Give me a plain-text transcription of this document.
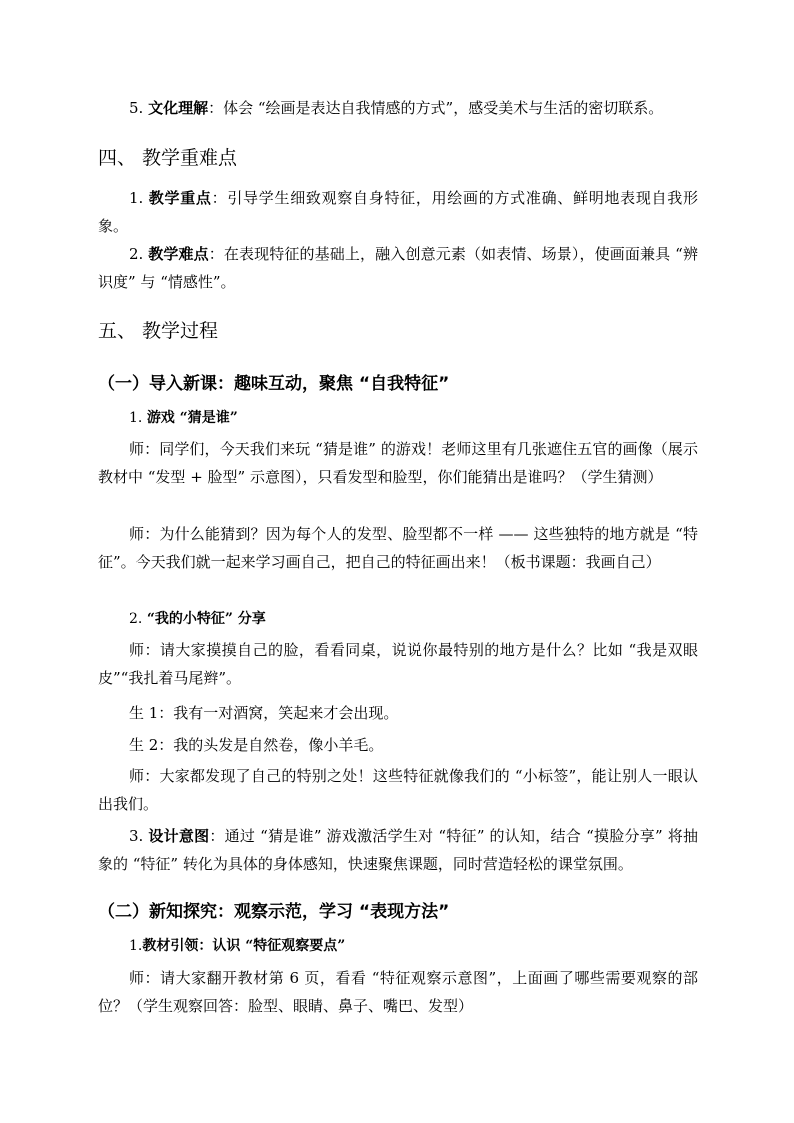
5. 文化理解：体会 “绘画是表达自我情感的方式”，感受美术与生活的密切联系。

四、 教学重难点

1. 教学重点：引导学生细致观察自身特征，用绘画的方式准确、鲜明地表现自我形象。

2. 教学难点：在表现特征的基础上，融入创意元素（如表情、场景），使画面兼具 “辨识度” 与 “情感性”。

五、 教学过程
（一）导入新课：趣味互动，聚焦 “自我特征”

1. 游戏 “猜是谁”

师：同学们，今天我们来玩 “猜是谁” 的游戏！老师这里有几张遮住五官的画像（展示教材中 “发型 + 脸型” 示意图），只看发型和脸型，你们能猜出是谁吗？（学生猜测）

师：为什么能猜到？因为每个人的发型、脸型都不一样 —— 这些独特的地方就是 “特征”。今天我们就一起来学习画自己，把自己的特征画出来！（板书课题：我画自己）

2. “我的小特征” 分享

师：请大家摸摸自己的脸，看看同桌，说说你最特别的地方是什么？比如 “我是双眼皮”“我扎着马尾辫”。

生 1：我有一对酒窝，笑起来才会出现。

生 2：我的头发是自然卷，像小羊毛。

师：大家都发现了自己的特别之处！这些特征就像我们的 “小标签”，能让别人一眼认出我们。

3. 设计意图：通过 “猜是谁” 游戏激活学生对 “特征” 的认知，结合 “摸脸分享” 将抽象的 “特征” 转化为具体的身体感知，快速聚焦课题，同时营造轻松的课堂氛围。

（二）新知探究：观察示范，学习 “表现方法”

1.教材引领：认识 “特征观察要点”

师：请大家翻开教材第 6 页，看看 “特征观察示意图”，上面画了哪些需要观察的部位？（学生观察回答：脸型、眼睛、鼻子、嘴巴、发型）
